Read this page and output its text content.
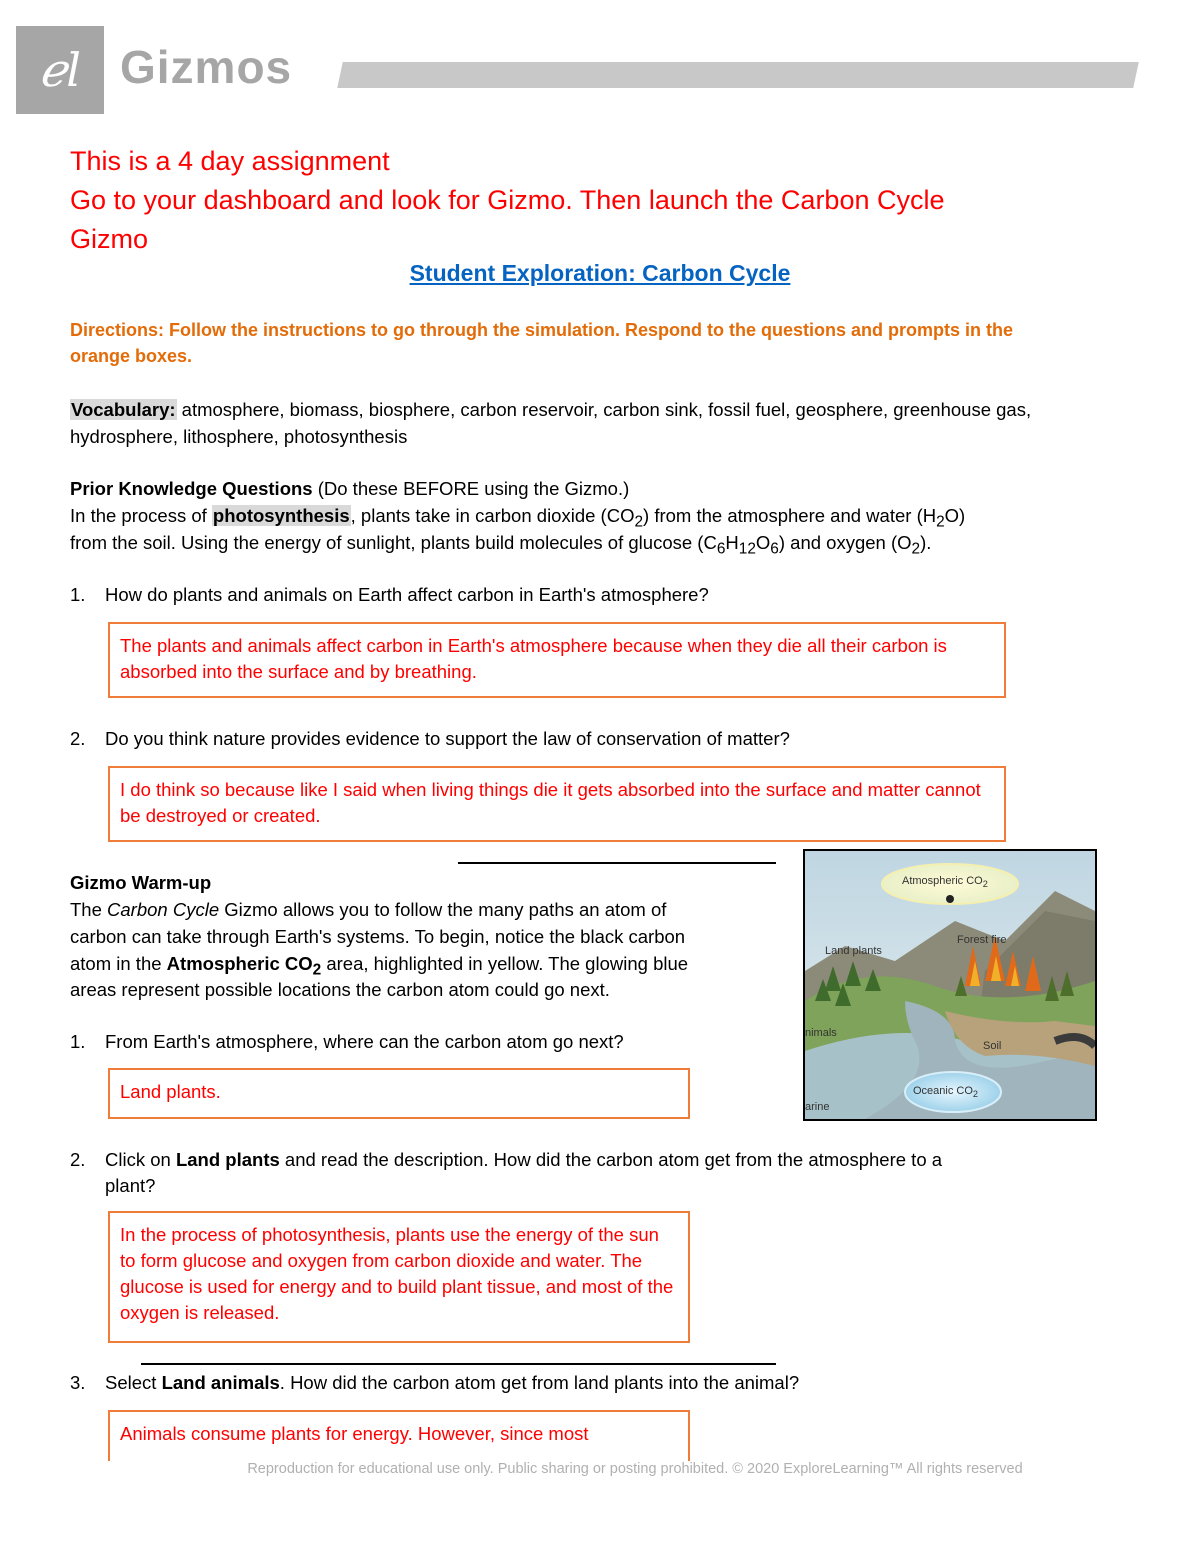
ℯl Gizmos
This is a 4 day assignment
Go to your dashboard and look for Gizmo. Then launch the Carbon Cycle
Gizmo
Student Exploration: Carbon Cycle
Directions: Follow the instructions to go through the simulation. Respond to the questions and prompts in the orange boxes.
Vocabulary: atmosphere, biomass, biosphere, carbon reservoir, carbon sink, fossil fuel, geosphere, greenhouse gas, hydrosphere, lithosphere, photosynthesis
Prior Knowledge Questions (Do these BEFORE using the Gizmo.)
In the process of photosynthesis, plants take in carbon dioxide $(CO_2)$ from the atmosphere and water $(H_2O)$
from the soil. Using the energy of sunlight, plants build molecules of glucose $(C_6H_{12}O_6)$ and oxygen $(O_2)$.
1. How do plants and animals on Earth affect carbon in Earth's atmosphere?
The plants and animals affect carbon in Earth's atmosphere because when they die all their carbon is absorbed into the surface and by breathing.
2. Do you think nature provides evidence to support the law of conservation of matter?
I do think so because like I said when living things die it gets absorbed into the surface and matter cannot be destroyed or created.
Gizmo Warm-up
The Carbon Cycle Gizmo allows you to follow the many paths an atom of
carbon can take through Earth's systems. To begin, notice the black carbon
atom in the Atmospheric $CO_2$ area, highlighted in yellow. The glowing blue
areas represent possible locations the carbon atom could go next.
1. From Earth's atmosphere, where can the carbon atom go next?
Land plants.
2. Click on Land plants and read the description. How did the carbon atom get from the atmosphere to a
plant?
In the process of photosynthesis, plants use the energy of the sun to form glucose and oxygen from carbon dioxide and water. The glucose is used for energy and to build plant tissue, and most of the oxygen is released.
3. Select Land animals. How did the carbon atom get from land plants into the animal?
Animals consume plants for energy. However, since most
Atmospheric $CO_2$
Forest fire
Land plants
nimals
Soil
Oceanic $CO_2$
arine
Reproduction for educational use only. Public sharing or posting prohibited. © 2020 ExploreLearning™ All rights reserved
